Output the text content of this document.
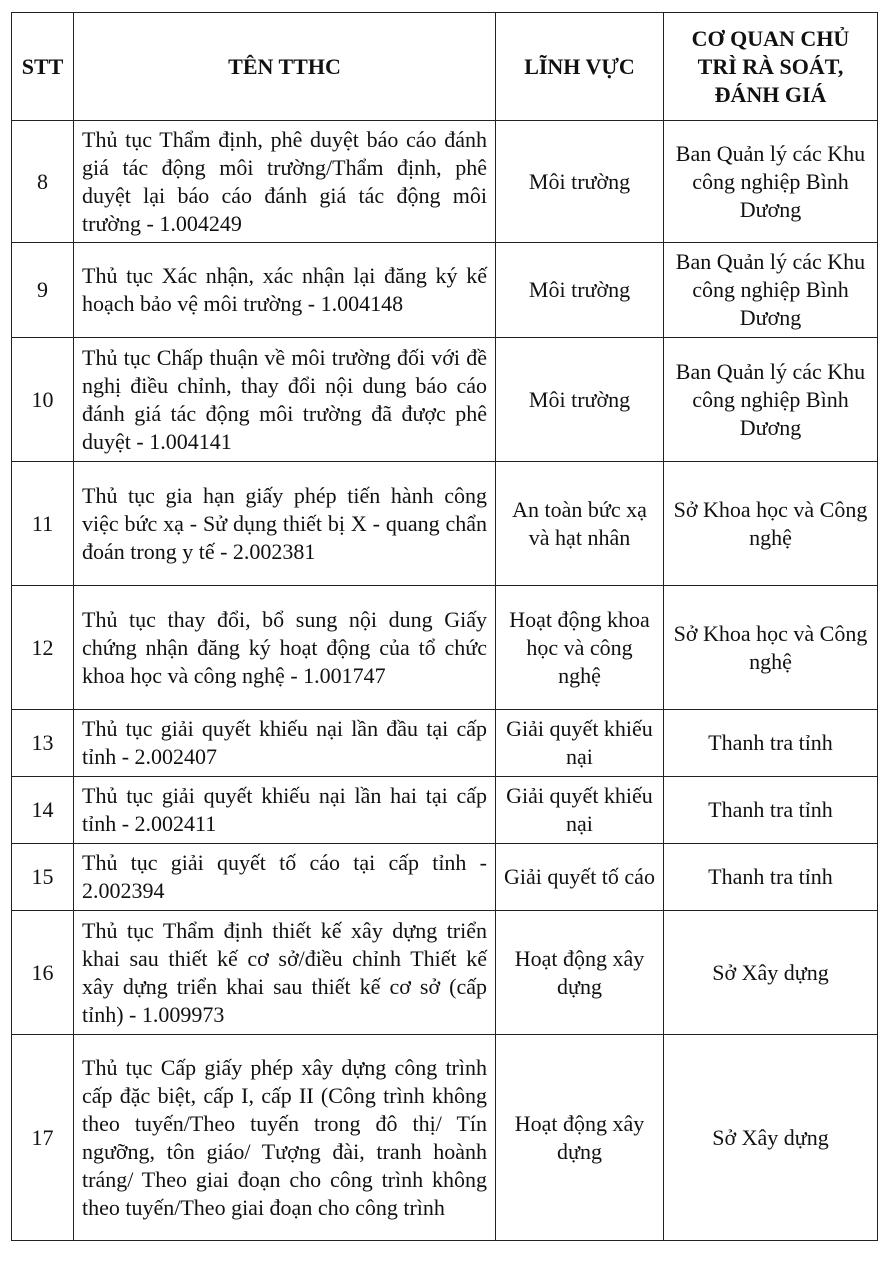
STT	TÊN TTHC	LĨNH VỰC	CƠ QUAN CHỦ
TRÌ RÀ SOÁT,
ĐÁNH GIÁ

8	Thủ tục Thẩm định, phê duyệt báo cáo đánh giá tác động môi trường/Thẩm định, phê duyệt lại báo cáo đánh giá tác động môi trường - 1.004249	Môi trường	Ban Quản lý các Khu công nghiệp Bình Dương
9	Thủ tục Xác nhận, xác nhận lại đăng ký kế hoạch bảo vệ môi trường - 1.004148	Môi trường	Ban Quản lý các Khu công nghiệp Bình Dương
10	Thủ tục Chấp thuận về môi trường đối với đề nghị điều chỉnh, thay đổi nội dung báo cáo đánh giá tác động môi trường đã được phê duyệt - 1.004141	Môi trường	Ban Quản lý các Khu công nghiệp Bình Dương
11	Thủ tục gia hạn giấy phép tiến hành công việc bức xạ - Sử dụng thiết bị X - quang chẩn đoán trong y tế - 2.002381	An toàn bức xạ và hạt nhân	Sở Khoa học và Công nghệ
12	Thủ tục thay đổi, bổ sung nội dung Giấy chứng nhận đăng ký hoạt động của tổ chức khoa học và công nghệ - 1.001747	Hoạt động khoa học và công nghệ	Sở Khoa học và Công nghệ
13	Thủ tục giải quyết khiếu nại lần đầu tại cấp tỉnh - 2.002407	Giải quyết khiếu nại	Thanh tra tỉnh
14	Thủ tục giải quyết khiếu nại lần hai tại cấp tỉnh - 2.002411	Giải quyết khiếu nại	Thanh tra tỉnh
15	Thủ tục giải quyết tố cáo tại cấp tỉnh - 2.002394	Giải quyết tố cáo	Thanh tra tỉnh
16	Thủ tục Thẩm định thiết kế xây dựng triển khai sau thiết kế cơ sở/điều chỉnh Thiết kế xây dựng triển khai sau thiết kế cơ sở (cấp tỉnh) - 1.009973	Hoạt động xây dựng	Sở Xây dựng
17	Thủ tục Cấp giấy phép xây dựng công trình cấp đặc biệt, cấp I, cấp II (Công trình không theo tuyến/Theo tuyến trong đô thị/ Tín ngưỡng, tôn giáo/ Tượng đài, tranh hoành tráng/ Theo giai đoạn cho công trình không theo tuyến/Theo giai đoạn cho công trình	Hoạt động xây dựng	Sở Xây dựng
